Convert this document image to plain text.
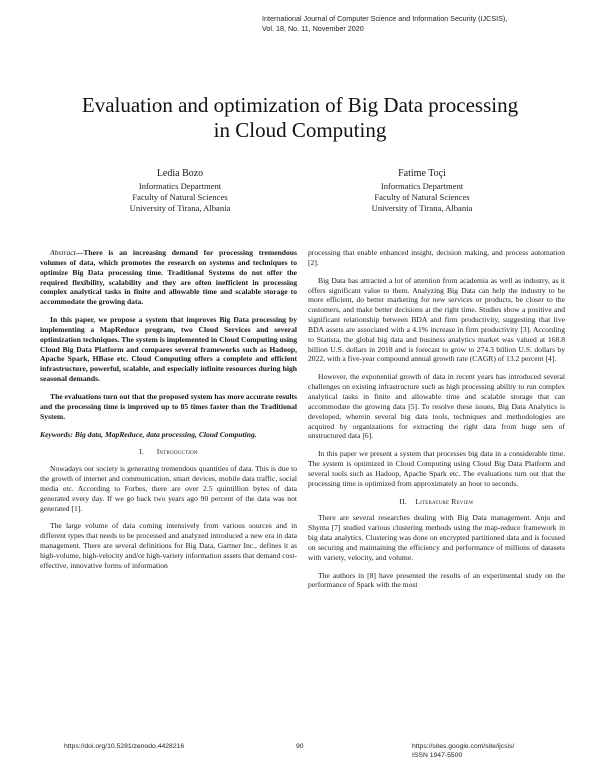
International Journal of Computer Science and Information Security (IJCSIS),
Vol. 18, No. 11, November 2020
Evaluation and optimization of Big Data processing
in Cloud Computing
Ledia Bozo
Informatics Department
Faculty of Natural Sciences
University of Tirana, Albania
Fatime Toçi
Informatics Department
Faculty of Natural Sciences
University of Tirana, Albania

Abstract—There is an increasing demand for processing tremendous volumes of data, which promotes the research on systems and techniques to optimize Big Data processing time. Traditional Systems do not offer the required flexibility, scalability and they are often inefficient in processing complex analytical tasks in finite and allowable time and scalable storage to accommodate the growing data.

In this paper, we propose a system that improves Big Data processing by implementing a MapReduce program, two Cloud Services and several optimization techniques. The system is implemented in Cloud Computing using Cloud Big Data Platform and compares several frameworks such as Hadoop, Apache Spark, HBase etc. Cloud Computing offers a complete and efficient infrastructure, powerful, scalable, and especially infinite resources during high seasonal demands.

The evaluations turn out that the proposed system has more accurate results and the processing time is improved up to 85 times faster than the Traditional System.

Keywords: Big data, MapReduce, data processing, Cloud Computing.

I. Introduction

Nowadays our society is generating tremendous quantities of data. This is due to the growth of internet and communication, smart devices, mobile data traffic, social media etc. According to Forbes, there are over 2.5 quintillion bytes of data generated every day. If we go back two years ago 90 percent of the data was not generated [1].

The large volume of data coming intensively from various sources and in different types that needs to be processed and analyzed introduced a new era in data management. There are several definitions for Big Data, Gartner Inc., defines it as high-volume, high-velocity and/or high-variety information assets that demand cost-effective, innovative forms of information

processing that enable enhanced insight, decision making, and process automation [2].

Big Data has attracted a lot of attention from academia as well as industry, as it offers significant value to them. Analyzing Big Data can help the industry to be more efficient, do better marketing for new services or products, be closer to the customers, and make better decisions at the right time. Studies show a positive and significant relationship between BDA and firm productivity, suggesting that live BDA assets are associated with a 4.1% increase in firm productivity [3]. According to Statista, the global big data and business analytics market was valued at 168.8 billion U.S. dollars in 2018 and is forecast to grow to 274.3 billion U.S. dollars by 2022, with a five-year compound annual growth rate (CAGR) of 13.2 percent [4].

However, the exponential growth of data in recent years has introduced several challenges on existing infrastructure such as high processing ability to run complex analytical tasks in finite and allowable time and scalable storage that can accommodate the growing data [5]. To resolve these issues, Big Data Analytics is developed, wherein several big data tools, techniques and methodologies are acquired by organizations for extracting the right data from huge sets of unstructured data [6].

In this paper we present a system that processes big data in a considerable time. The system is optimized in Cloud Computing using Cloud Big Data Platform and several tools such as Hadoop, Apache Spark etc. The evaluations turn out that the processing time is optimized from approximately an hour to seconds.

II. Literature Review

There are several researches dealing with Big Data management. Anju and Shyma [7] studied various clustering methods using the map-reduce framework in big data analytics. Clustering was done on encrypted partitioned data and is focused on securing and maintaining the efficiency and performance of millions of datasets with variety, velocity, and volume.

The authors in [8] have presented the results of an experimental study on the performance of Spark with the most

https://doi.org/10.5281/zenodo.4428216	90	https://sites.google.com/site/ijcsis/
ISSN 1947-5500
